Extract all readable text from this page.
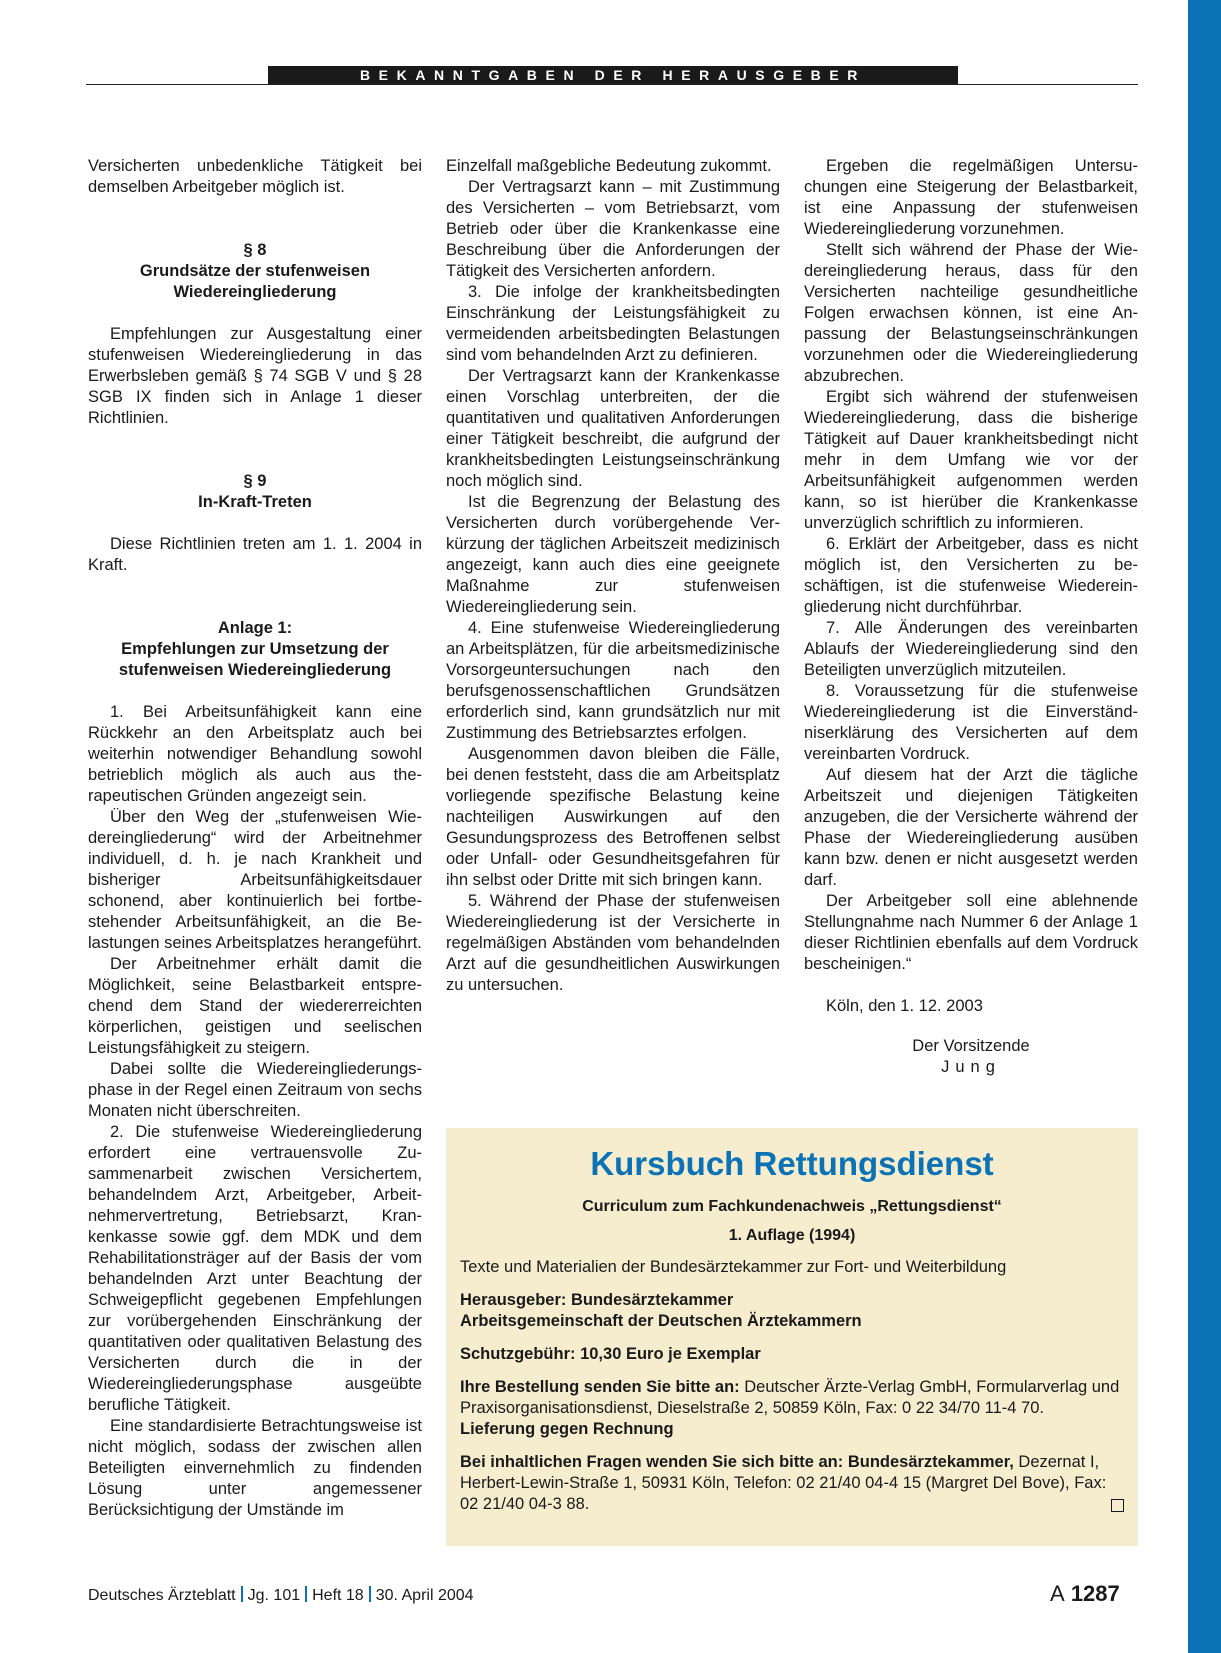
BEKANNTGABEN DER HERAUSGEBER

Versicherten unbedenkliche Tätigkeit bei demselben Arbeitgeber möglich ist.

§ 8
Grundsätze der stufenweisen
Wiedereingliederung

Empfehlungen zur Ausgestaltung einer stufenweisen Wiedereingliederung in das Erwerbsleben gemäß § 74 SGB V und § 28 SGB IX finden sich in Anlage 1 dieser Richtlinien.

§ 9
In-Kraft-Treten

Diese Richtlinien treten am 1. 1. 2004 in Kraft.

Anlage 1:
Empfehlungen zur Umsetzung der
stufenweisen Wiedereingliederung

1. Bei Arbeitsunfähigkeit kann eine Rückkehr an den Arbeitsplatz auch bei weiterhin notwendiger Behandlung sowohl betrieblich möglich als auch aus therapeutischen Gründen angezeigt sein.

Über den Weg der „stufenweisen Wiedereingliederung“ wird der Arbeitnehmer individuell, d. h. je nach Krankheit und bisheriger Arbeitsunfähigkeitsdauer schonend, aber kontinuierlich bei fortbestehender Arbeitsunfähigkeit, an die Belastungen seines Arbeitsplatzes herangeführt.

Der Arbeitnehmer erhält damit die Möglichkeit, seine Belastbarkeit entsprechend dem Stand der wiedererreichten körperlichen, geistigen und seelischen Leistungsfähigkeit zu steigern.

Dabei sollte die Wiedereingliederungsphase in der Regel einen Zeitraum von sechs Monaten nicht überschreiten.

2. Die stufenweise Wiedereingliederung erfordert eine vertrauensvolle Zusammenarbeit zwischen Versichertem, behandelndem Arzt, Arbeitgeber, Arbeitnehmervertretung, Betriebsarzt, Krankenkasse sowie ggf. dem MDK und dem Rehabilitationsträger auf der Basis der vom behandelnden Arzt unter Beachtung der Schweigepflicht gegebenen Empfehlungen zur vorübergehenden Einschränkung der quantitativen oder qualitativen Belastung des Versicherten durch die in der Wiedereingliederungsphase ausgeübte berufliche Tätigkeit.

Eine standardisierte Betrachtungsweise ist nicht möglich, sodass der zwischen allen Beteiligten einvernehmlich zu findenden Lösung unter angemessener Berücksichtigung der Umstände im

Einzelfall maßgebliche Bedeutung zukommt.

Der Vertragsarzt kann – mit Zustimmung des Versicherten – vom Betriebsarzt, vom Betrieb oder über die Krankenkasse eine Beschreibung über die Anforderungen der Tätigkeit des Versicherten anfordern.

3. Die infolge der krankheitsbedingten Einschränkung der Leistungsfähigkeit zu vermeidenden arbeitsbedingten Belastungen sind vom behandelnden Arzt zu definieren.

Der Vertragsarzt kann der Krankenkasse einen Vorschlag unterbreiten, der die quantitativen und qualitativen Anforderungen einer Tätigkeit beschreibt, die aufgrund der krankheitsbedingten Leistungseinschränkung noch möglich sind.

Ist die Begrenzung der Belastung des Versicherten durch vorübergehende Verkürzung der täglichen Arbeitszeit medizinisch angezeigt, kann auch dies eine geeignete Maßnahme zur stufenweisen Wiedereingliederung sein.

4. Eine stufenweise Wiedereingliederung an Arbeitsplätzen, für die arbeitsmedizinische Vorsorgeuntersuchungen nach den berufsgenossenschaftlichen Grundsätzen erforderlich sind, kann grundsätzlich nur mit Zustimmung des Betriebsarztes erfolgen.

Ausgenommen davon bleiben die Fälle, bei denen feststeht, dass die am Arbeitsplatz vorliegende spezifische Belastung keine nachteiligen Auswirkungen auf den Gesundungsprozess des Betroffenen selbst oder Unfall- oder Gesundheitsgefahren für ihn selbst oder Dritte mit sich bringen kann.

5. Während der Phase der stufenweisen Wiedereingliederung ist der Versicherte in regelmäßigen Abständen vom behandelnden Arzt auf die gesundheitlichen Auswirkungen zu untersuchen.

Ergeben die regelmäßigen Untersuchungen eine Steigerung der Belastbarkeit, ist eine Anpassung der stufenweisen Wiedereingliederung vorzunehmen.

Stellt sich während der Phase der Wiedereingliederung heraus, dass für den Versicherten nachteilige gesundheitliche Folgen erwachsen können, ist eine Anpassung der Belastungseinschränkungen vorzunehmen oder die Wiedereingliederung abzubrechen.

Ergibt sich während der stufenweisen Wiedereingliederung, dass die bisherige Tätigkeit auf Dauer krankheitsbedingt nicht mehr in dem Umfang wie vor der Arbeitsunfähigkeit aufgenommen werden kann, so ist hierüber die Krankenkasse unverzüglich schriftlich zu informieren.

6. Erklärt der Arbeitgeber, dass es nicht möglich ist, den Versicherten zu beschäftigen, ist die stufenweise Wiedereingliederung nicht durchführbar.

7. Alle Änderungen des vereinbarten Ablaufs der Wiedereingliederung sind den Beteiligten unverzüglich mitzuteilen.

8. Voraussetzung für die stufenweise Wiedereingliederung ist die Einverständniserklärung des Versicherten auf dem vereinbarten Vordruck.

Auf diesem hat der Arzt die tägliche Arbeitszeit und diejenigen Tätigkeiten anzugeben, die der Versicherte während der Phase der Wiedereingliederung ausüben kann bzw. denen er nicht ausgesetzt werden darf.

Der Arbeitgeber soll eine ablehnende Stellungnahme nach Nummer 6 der Anlage 1 dieser Richtlinien ebenfalls auf dem Vordruck bescheinigen.“

Köln, den 1. 12. 2003

Der Vorsitzende
Jung
Kursbuch Rettungsdienst
Curriculum zum Fachkundenachweis „Rettungsdienst“
1. Auflage (1994)
Texte und Materialien der Bundesärztekammer zur Fort- und Weiterbildung
Herausgeber: Bundesärztekammer
Arbeitsgemeinschaft der Deutschen Ärztekammern
Schutzgebühr: 10,30 Euro je Exemplar
Ihre Bestellung senden Sie bitte an: Deutscher Ärzte-Verlag GmbH, Formularverlag und Praxisorganisationsdienst, Dieselstraße 2, 50859 Köln, Fax: 0 22 34/70 11-4 70.
Lieferung gegen Rechnung
Bei inhaltlichen Fragen wenden Sie sich bitte an: Bundesärztekammer, Dezernat I, Herbert-Lewin-Straße 1, 50931 Köln, Telefon: 02 21/40 04-4 15 (Margret Del Bove), Fax: 02 21/40 04-3 88.
Deutsches Ärzteblatt Jg. 101 Heft 18 30. April 2004	A 1287
